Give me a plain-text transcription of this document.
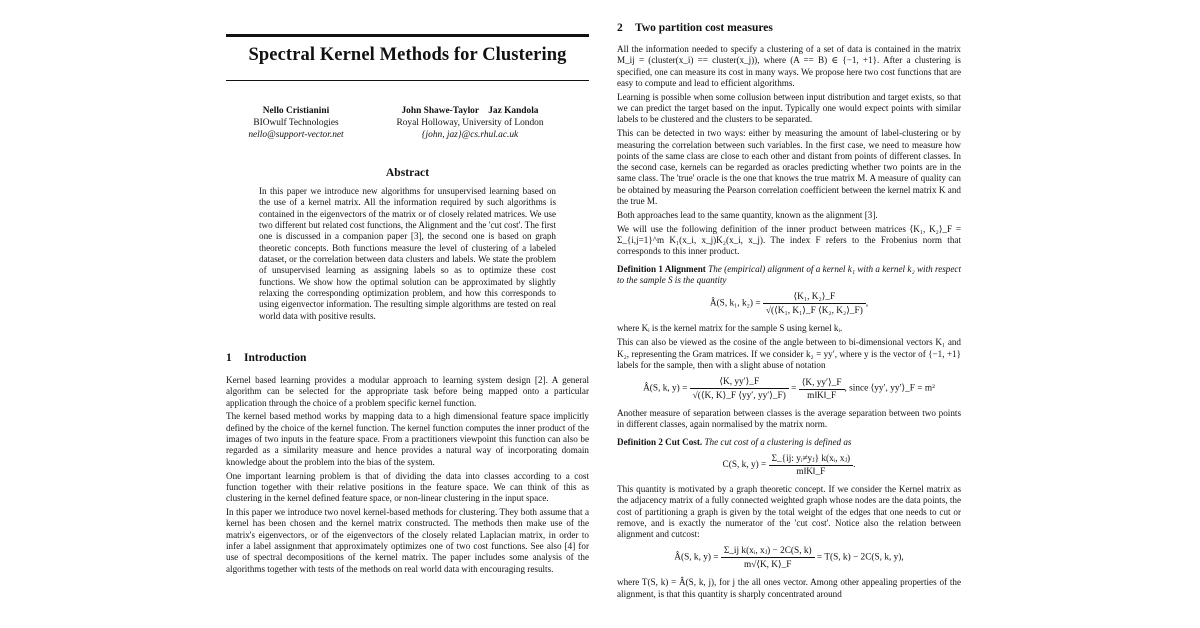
Spectral Kernel Methods for Clustering
Nello Cristianini
BIOwulf Technologies
nello@support-vector.net
John Shawe-Taylor    Jaz Kandola
Royal Holloway, University of London
{john, jaz}@cs.rhul.ac.uk
Abstract
In this paper we introduce new algorithms for unsupervised learning based on the use of a kernel matrix. All the information required by such algorithms is contained in the eigenvectors of the matrix or of closely related matrices. We use two different but related cost functions, the Alignment and the 'cut cost'. The first one is discussed in a companion paper [3], the second one is based on graph theoretic concepts. Both functions measure the level of clustering of a labeled dataset, or the correlation between data clusters and labels. We state the problem of unsupervised learning as assigning labels so as to optimize these cost functions. We show how the optimal solution can be approximated by slightly relaxing the corresponding optimization problem, and how this corresponds to using eigenvector information. The resulting simple algorithms are tested on real world data with positive results.
1 Introduction

Kernel based learning provides a modular approach to learning system design [2]. A general algorithm can be selected for the appropriate task before being mapped onto a particular application through the choice of a problem specific kernel function.

The kernel based method works by mapping data to a high dimensional feature space implicitly defined by the choice of the kernel function. The kernel function computes the inner product of the images of two inputs in the feature space. From a practitioners viewpoint this function can also be regarded as a similarity measure and hence provides a natural way of incorporating domain knowledge about the problem into the bias of the system.

One important learning problem is that of dividing the data into classes according to a cost function together with their relative positions in the feature space. We can think of this as clustering in the kernel defined feature space, or non-linear clustering in the input space.

In this paper we introduce two novel kernel-based methods for clustering. They both assume that a kernel has been chosen and the kernel matrix constructed. The methods then make use of the matrix's eigenvectors, or of the eigenvectors of the closely related Laplacian matrix, in order to infer a label assignment that approximately optimizes one of two cost functions. See also [4] for use of spectral decompositions of the kernel matrix. The paper includes some analysis of the algorithms together with tests of the methods on real world data with encouraging results.

2 Two partition cost measures

All the information needed to specify a clustering of a set of data is contained in the matrix M_ij = (cluster(x_i) == cluster(x_j)), where (A == B) ∈ {−1, +1}. After a clustering is specified, one can measure its cost in many ways. We propose here two cost functions that are easy to compute and lead to efficient algorithms.

Learning is possible when some collusion between input distribution and target exists, so that we can predict the target based on the input. Typically one would expect points with similar labels to be clustered and the clusters to be separated.

This can be detected in two ways: either by measuring the amount of label-clustering or by measuring the correlation between such variables. In the first case, we need to measure how points of the same class are close to each other and distant from points of different classes. In the second case, kernels can be regarded as oracles predicting whether two points are in the same class. The 'true' oracle is the one that knows the true matrix M. A measure of quality can be obtained by measuring the Pearson correlation coefficient between the kernel matrix K and the true M.

Both approaches lead to the same quantity, known as the alignment [3].

We will use the following definition of the inner product between matrices ⟨K₁, K₂⟩_F = Σ_{i,j=1}^m K₁(x_i, x_j)K₂(x_i, x_j). The index F refers to the Frobenius norm that corresponds to this inner product.

Definition 1 Alignment The (empirical) alignment of a kernel k₁ with a kernel k₂ with respect to the sample S is the quantity

Â(S, k₁, $k_2) = \frac{\text{⟨K₁, K₂⟩\_F}}{\text{√(⟨K₁, K₁⟩\_F ⟨K₂, K₂⟩\_F)}}$ ,

where Kᵢ is the kernel matrix for the sample S using kernel kᵢ.

This can also be viewed as the cosine of the angle between to bi-dimensional vectors K₁ and K₂, representing the Gram matrices. If we consider k₂ = yy′, where y is the vector of {−1, +1} labels for the sample, then with a slight abuse of notation

Â(S, k, $y) = \frac{⟨K, yy'⟩\_F}{√(⟨K, K⟩\_F ⟨yy', yy'⟩\_F)} = \frac{⟨K, yy'⟩\_F}{m‖K‖\_F}$ , since ⟨yy′, yy′⟩_F = m²

Another measure of separation between classes is the average separation between two points in different classes, again normalised by the matrix norm.

Definition 2 Cut Cost. The cut cost of a clustering is defined as

C(S, k, $y) = \frac{\text{Σ\_\{ij: yᵢ≠yⱼ\} k(xᵢ, xⱼ)}}{m‖K‖\_F}$ .

This quantity is motivated by a graph theoretic concept. If we consider the Kernel matrix as the adjacency matrix of a fully connected weighted graph whose nodes are the data points, the cost of partitioning a graph is given by the total weight of the edges that one needs to cut or remove, and is exactly the numerator of the 'cut cost'. Notice also the relation between alignment and cutcost:

Â(S, k, $y) = \frac{\text{Σ\_ij k(xᵢ, xⱼ) − 2C(S, k)}}{m√⟨K, K⟩\_F} = T(S$, k) − 2C(S, k, y),

where T(S, k) = Â(S, k, j), for j the all ones vector. Among other appealing properties of the alignment, is that this quantity is sharply concentrated around
